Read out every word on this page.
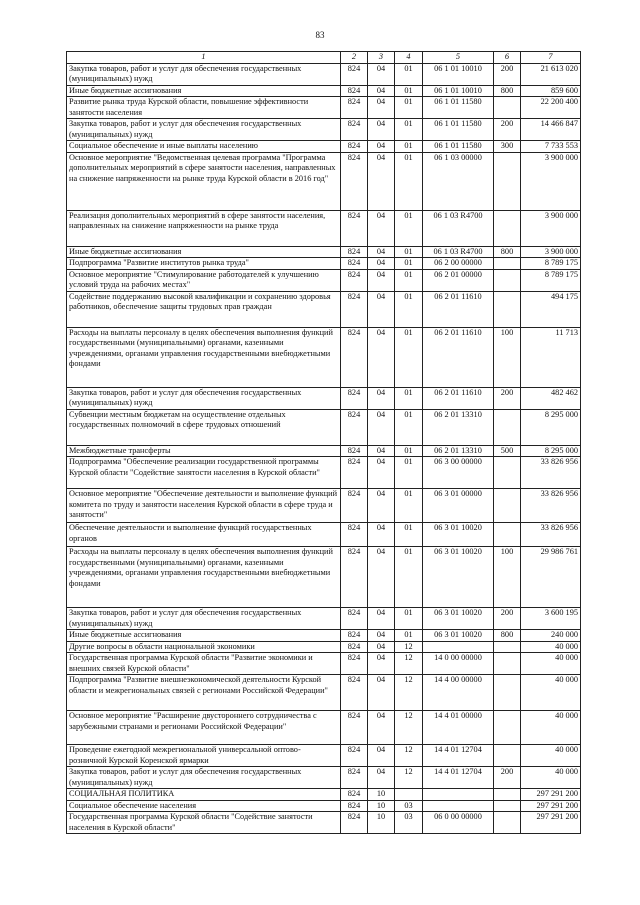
83
1	2	3	4	5	6	7
Закупка товаров, работ и услуг для обеспечения государственных (муниципальных) нужд	824	04	01	06 1 01 10010	200	21 613 020
Иные бюджетные ассигнования	824	04	01	06 1 01 10010	800	859 600
Развитие рынка труда Курской области, повышение эффективности занятости населения	824	04	01	06 1 01 11580		22 200 400
Закупка товаров, работ и услуг для обеспечения государственных (муниципальных) нужд	824	04	01	06 1 01 11580	200	14 466 847
Социальное обеспечение и иные выплаты населению	824	04	01	06 1 01 11580	300	7 733 553
Основное мероприятие "Ведомственная целевая программа "Программа дополнительных мероприятий в сфере занятости населения, направленных на снижение напряженности на рынке труда Курской области в 2016 год"	824	04	01	06 1 03 00000		3 900 000
Реализация дополнительных мероприятий в сфере занятости населения, направленных на снижение напряженности на рынке труда	824	04	01	06 1 03 R4700		3 900 000
Иные бюджетные ассигнования	824	04	01	06 1 03 R4700	800	3 900 000
Подпрограмма "Развитие институтов рынка труда"	824	04	01	06 2 00 00000		8 789 175
Основное мероприятие "Стимулирование работодателей к улучшению условий труда на рабочих местах"	824	04	01	06 2 01 00000		8 789 175
Содействие поддержанию высокой квалификации и сохранению здоровья работников, обеспечение защиты трудовых прав граждан	824	04	01	06 2 01 11610		494 175
Расходы на выплаты персоналу в целях обеспечения выполнения функций государственными (муниципальными) органами, казенными учреждениями, органами управления государственными внебюджетными фондами	824	04	01	06 2 01 11610	100	11 713
Закупка товаров, работ и услуг для обеспечения государственных (муниципальных) нужд	824	04	01	06 2 01 11610	200	482 462
Субвенции местным бюджетам на осуществление отдельных государственных полномочий в сфере трудовых отношений	824	04	01	06 2 01 13310		8 295 000
Межбюджетные трансферты	824	04	01	06 2 01 13310	500	8 295 000
Подпрограмма "Обеспечение реализации государственной программы Курской области "Содействие занятости населения в Курской области"	824	04	01	06 3 00 00000		33 826 956
Основное мероприятие "Обеспечение деятельности и выполнение функций комитета по труду и занятости населения Курской области в сфере труда и занятости"	824	04	01	06 3 01 00000		33 826 956
Обеспечение деятельности и выполнение функций государственных органов	824	04	01	06 3 01 10020		33 826 956
Расходы на выплаты персоналу в целях обеспечения выполнения функций государственными (муниципальными) органами, казенными учреждениями, органами управления государственными внебюджетными фондами	824	04	01	06 3 01 10020	100	29 986 761
Закупка товаров, работ и услуг для обеспечения государственных (муниципальных) нужд	824	04	01	06 3 01 10020	200	3 600 195
Иные бюджетные ассигнования	824	04	01	06 3 01 10020	800	240 000
Другие вопросы в области национальной экономики	824	04	12			40 000
Государственная программа Курской области "Развитие экономики и внешних связей Курской области"	824	04	12	14 0 00 00000		40 000
Подпрограмма "Развитие внешнеэкономической деятельности Курской области и межрегиональных связей с регионами Российской Федерации"	824	04	12	14 4 00 00000		40 000
Основное мероприятие "Расширение двустороннего сотрудничества с зарубежными странами и регионами Российской Федерации"	824	04	12	14 4 01 00000		40 000
Проведение ежегодной межрегиональной универсальной оптово-розничной Курской Коренской ярмарки	824	04	12	14 4 01 12704		40 000
Закупка товаров, работ и услуг для обеспечения государственных (муниципальных) нужд	824	04	12	14 4 01 12704	200	40 000
СОЦИАЛЬНАЯ ПОЛИТИКА	824	10				297 291 200
Социальное обеспечение населения	824	10	03			297 291 200
Государственная программа Курской области "Содействие занятости населения в Курской области"	824	10	03	06 0 00 00000		297 291 200
